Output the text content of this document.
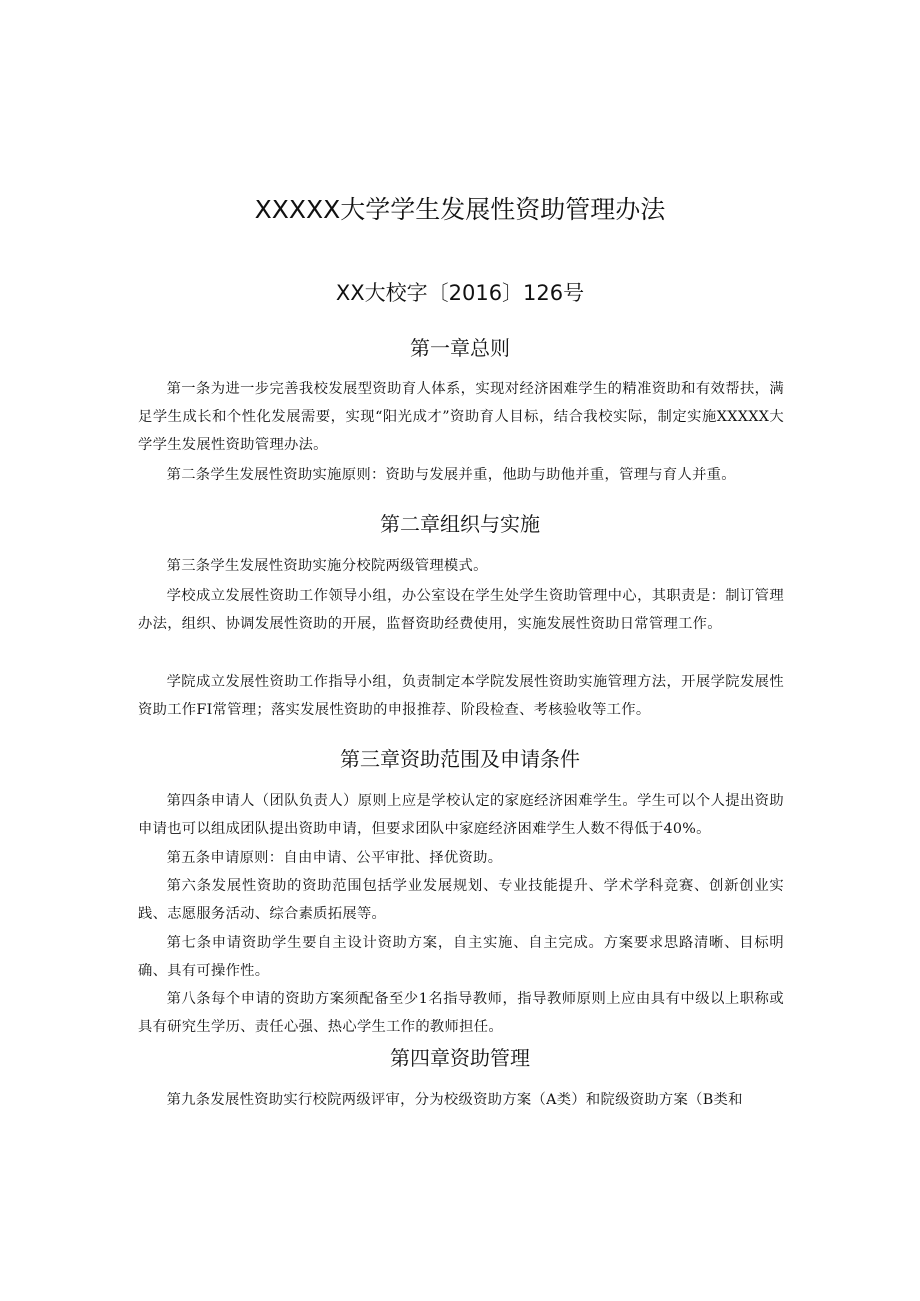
XXXXX大学学生发展性资助管理办法
XX大校字〔2016〕126号
第一章总则

第一条为进一步完善我校发展型资助育人体系，实现对经济困难学生的精准资助和有效帮扶，满足学生成长和个性化发展需要，实现“阳光成才”资助育人目标，结合我校实际，制定实施XXXXX大学学生发展性资助管理办法。

第二条学生发展性资助实施原则：资助与发展并重，他助与助他并重，管理与育人并重。

第二章组织与实施

第三条学生发展性资助实施分校院两级管理模式。

学校成立发展性资助工作领导小组，办公室设在学生处学生资助管理中心，其职责是：制订管理办法，组织、协调发展性资助的开展，监督资助经费使用，实施发展性资助日常管理工作。

学院成立发展性资助工作指导小组，负责制定本学院发展性资助实施管理方法，开展学院发展性资助工作FI常管理；落实发展性资助的申报推荐、阶段检查、考核验收等工作。

第三章资助范围及申请条件

第四条申请人（团队负责人）原则上应是学校认定的家庭经济困难学生。学生可以个人提出资助申请也可以组成团队提出资助申请，但要求团队中家庭经济困难学生人数不得低于40%。

第五条申请原则：自由申请、公平审批、择优资助。

第六条发展性资助的资助范围包括学业发展规划、专业技能提升、学术学科竞赛、创新创业实践、志愿服务活动、综合素质拓展等。

第七条申请资助学生要自主设计资助方案，自主实施、自主完成。方案要求思路清晰、目标明确、具有可操作性。

第八条每个申请的资助方案须配备至少1名指导教师，指导教师原则上应由具有中级以上职称或具有研究生学历、责任心强、热心学生工作的教师担任。

第四章资助管理

第九条发展性资助实行校院两级评审，分为校级资助方案（A类）和院级资助方案（B类和
